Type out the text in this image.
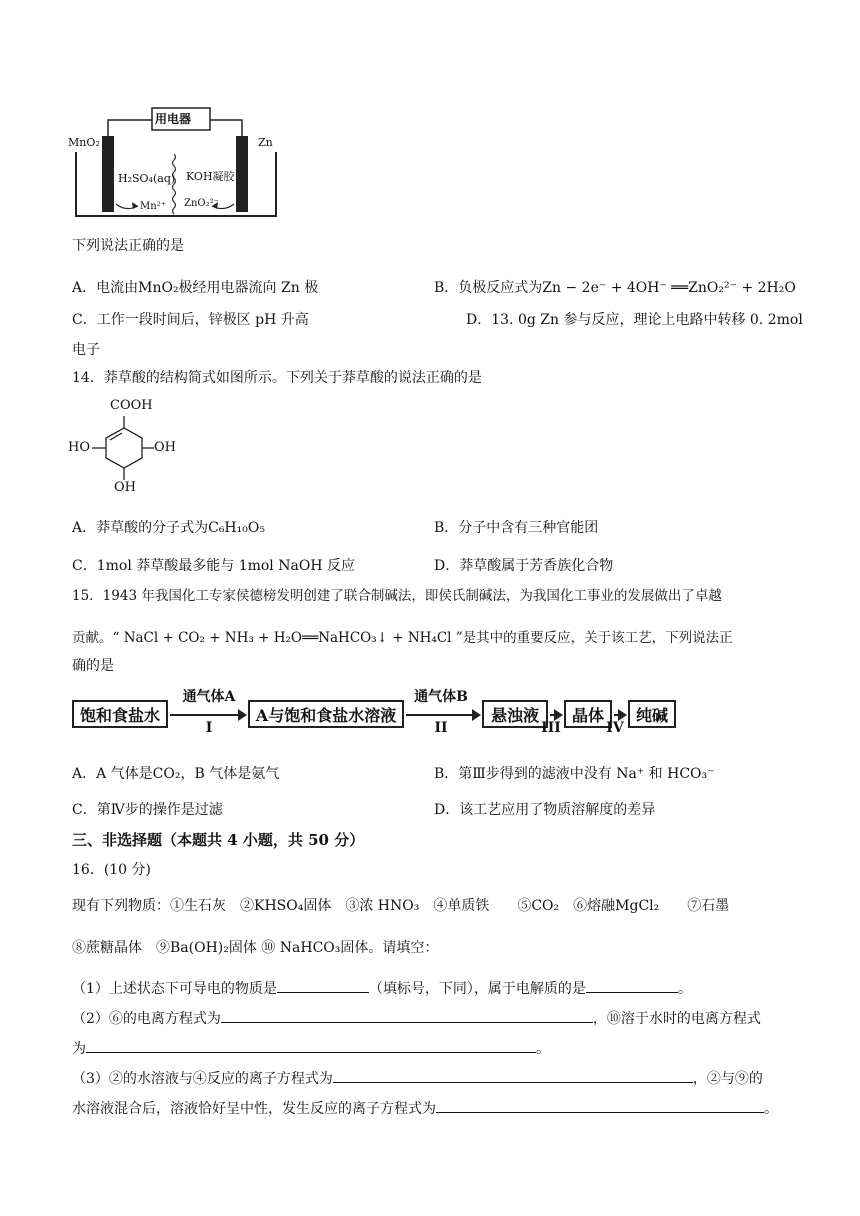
用电器
MnO₂	Zn
H₂SO₄(aq) KOH凝胶
Mn²⁺ ZnO₂²⁻
下列说法正确的是
A．电流由MnO₂极经用电器流向 Zn 极	B．负极反应式为Zn − 2e⁻ + 4OH⁻ ══ZnO₂²⁻ + 2H₂O
C．工作一段时间后，锌极区 pH 升高	D．13. 0g Zn 参与反应，理论上电路中转移 0. 2mol
电子
14．莽草酸的结构简式如图所示。下列关于莽草酸的说法正确的是
COOH
HO	OH
OH
A．莽草酸的分子式为C₆H₁₀O₅	B．分子中含有三种官能团
C．1mol 莽草酸最多能与 1mol NaOH 反应	D．莽草酸属于芳香族化合物
15．1943 年我国化工专家侯德榜发明创建了联合制碱法，即侯氏制碱法，为我国化工事业的发展做出了卓越
贡献。“ NaCl + CO₂ + NH₃ + H₂O══NaHCO₃↓ + NH₄Cl ”是其中的重要反应，关于该工艺，下列说法正
确的是
饱和食盐水
通气体A
I
A与饱和食盐水溶液
通气体B
II
悬浊液
III
晶体
IV
纯碱
A．A 气体是CO₂，B 气体是氨气	B．第Ⅲ步得到的滤液中没有 Na⁺ 和 HCO₃⁻
C．第Ⅳ步的操作是过滤	D．该工艺应用了物质溶解度的差异
三、非选择题（本题共 4 小题，共 50 分）
16．(10 分)
现有下列物质：①生石灰　②KHSO₄固体　③浓 HNO₃　④单质铁　　⑤CO₂　⑥熔融MgCl₂　　⑦石墨
⑧蔗糖晶体　⑨Ba(OH)₂固体 ⑩ NaHCO₃固体。请填空：
（1）上述状态下可导电的物质是	（填标号，下同），属于电解质的是	。
（2）⑥的电离方程式为	，⑩溶于水时的电离方程式
为	。
（3）②的水溶液与④反应的离子方程式为	，②与⑨的
水溶液混合后，溶液恰好呈中性，发生反应的离子方程式为	。
